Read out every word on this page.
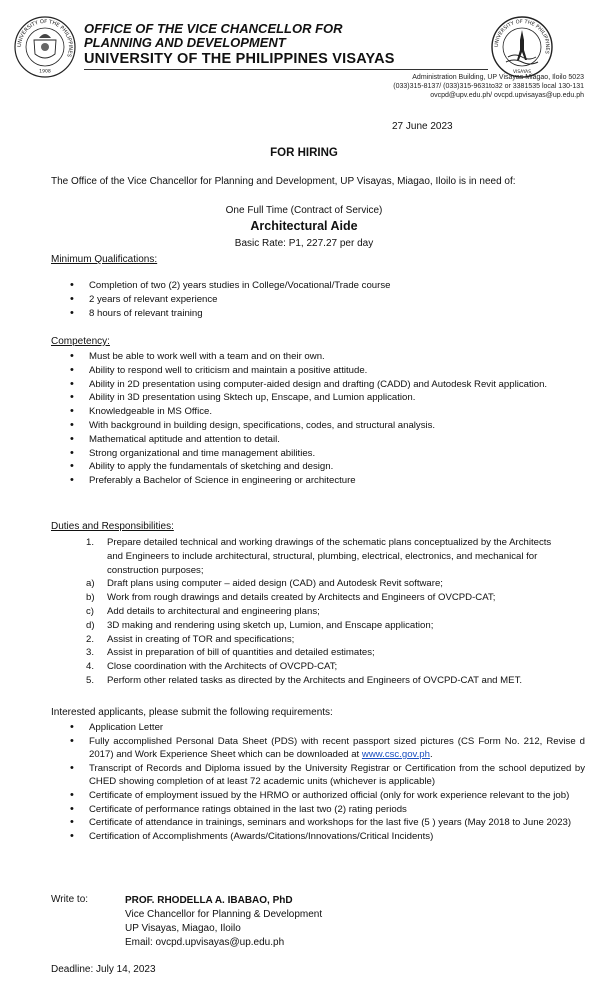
UNIVERSITY OF THE PHILIPPINES
1908
UNIVERSITY OF THE PHILIPPINES
VISAYAS
OFFICE OF THE VICE CHANCELLOR FOR
PLANNING AND DEVELOPMENT
UNIVERSITY OF THE PHILIPPINES VISAYAS
Administration Building, UP Visayas Miagao, Iloilo 5023
(033)315-8137/ (033)315-9631to32 or 3381535 local 130-131
ovcpd@upv.edu.ph/ ovcpd.upvisayas@up.edu.ph
27 June 2023
FOR HIRING
The Office of the Vice Chancellor for Planning and Development, UP Visayas, Miagao, Iloilo is in need of:
One Full Time (Contract of Service)
Architectural Aide
Basic Rate: P1, 227.27 per day
Minimum Qualifications:
• Completion of two (2) years studies in College/Vocational/Trade course
• 2 years of relevant experience
• 8 hours of relevant training
Competency:
• Must be able to work well with a team and on their own.
• Ability to respond well to criticism and maintain a positive attitude.
• Ability in 2D presentation using computer-aided design and drafting (CADD) and Autodesk Revit application.
• Ability in 3D presentation using Sktech up, Enscape, and Lumion application.
• Knowledgeable in MS Office.
• With background in building design, specifications, codes, and structural analysis.
• Mathematical aptitude and attention to detail.
• Strong organizational and time management abilities.
• Ability to apply the fundamentals of sketching and design.
• Preferably a Bachelor of Science in engineering or architecture
Duties and Responsibilities:
1. Prepare detailed technical and working drawings of the schematic plans conceptualized by the Architects and Engineers to include architectural, structural, plumbing, electrical, electronics, and mechanical for construction purposes;
a) Draft plans using computer – aided design (CAD) and Autodesk Revit software;
b) Work from rough drawings and details created by Architects and Engineers of OVCPD-CAT;
c) Add details to architectural and engineering plans;
d) 3D making and rendering using sketch up, Lumion, and Enscape application;
2. Assist in creating of TOR and specifications;
3. Assist in preparation of bill of quantities and detailed estimates;
4. Close coordination with the Architects of OVCPD-CAT;
5. Perform other related tasks as directed by the Architects and Engineers of OVCPD-CAT and MET.
Interested applicants, please submit the following requirements:
• Application Letter
• Fully accomplished Personal Data Sheet (PDS) with recent passport sized pictures (CS Form No. 212, Revise d 2017) and Work Experience Sheet which can be downloaded at www.csc.gov.ph.
• Transcript of Records and Diploma issued by the University Registrar or Certification from the school deputized by CHED showing completion of at least 72 academic units (whichever is applicable)
• Certificate of employment issued by the HRMO or authorized official (only for work experience relevant to the job)
• Certificate of performance ratings obtained in the last two (2) rating periods
• Certificate of attendance in trainings, seminars and workshops for the last five (5 ) years (May 2018 to June 2023)
• Certification of Accomplishments (Awards/Citations/Innovations/Critical Incidents)
Write to:	PROF. RHODELLA A. IBABAO, PhD
Vice Chancellor for Planning & Development
UP Visayas, Miagao, Iloilo
Email: ovcpd.upvisayas@up.edu.ph
Deadline: July 14, 2023
